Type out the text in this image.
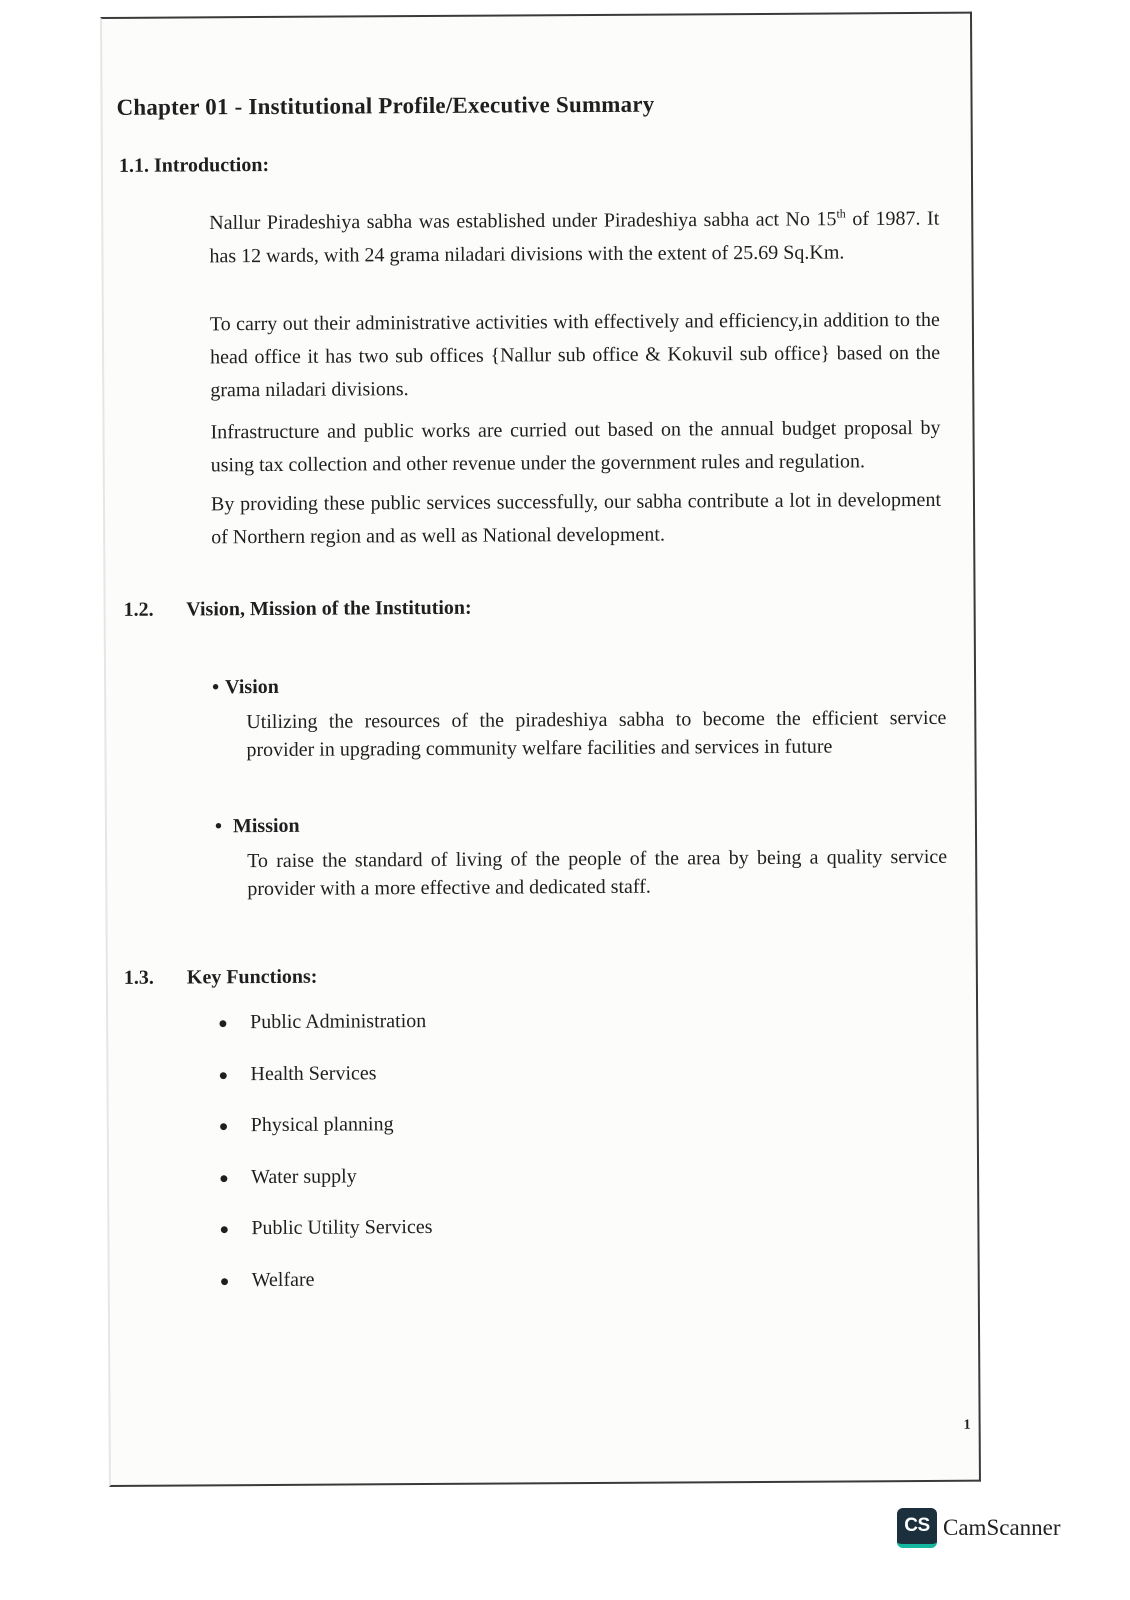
Chapter 01 - Institutional Profile/Executive Summary
1.1. Introduction:

Nallur Piradeshiya sabha was established under Piradeshiya sabha act No 15th of 1987. It has 12 wards, with 24 grama niladari divisions with the extent of 25.69 Sq.Km.

To carry out their administrative activities with effectively and efficiency,in addition to the head office it has two sub offices {Nallur sub office & Kokuvil sub office} based on the grama niladari divisions.

Infrastructure and public works are curried out based on the annual budget proposal by using tax collection and other revenue under the government rules and regulation.

By providing these public services successfully, our sabha contribute a lot in development of Northern region and as well as National development.

1.2. Vision, Mission of the Institution:
• Vision

Utilizing the resources of the piradeshiya sabha to become the efficient service provider in upgrading community welfare facilities and services in future

• Mission

To raise the standard of living of the people of the area by being a quality service provider with a more effective and dedicated staff.

1.3. Key Functions:
● Public Administration
● Health Services
● Physical planning
● Water supply
● Public Utility Services
● Welfare
1
CS CamScanner
